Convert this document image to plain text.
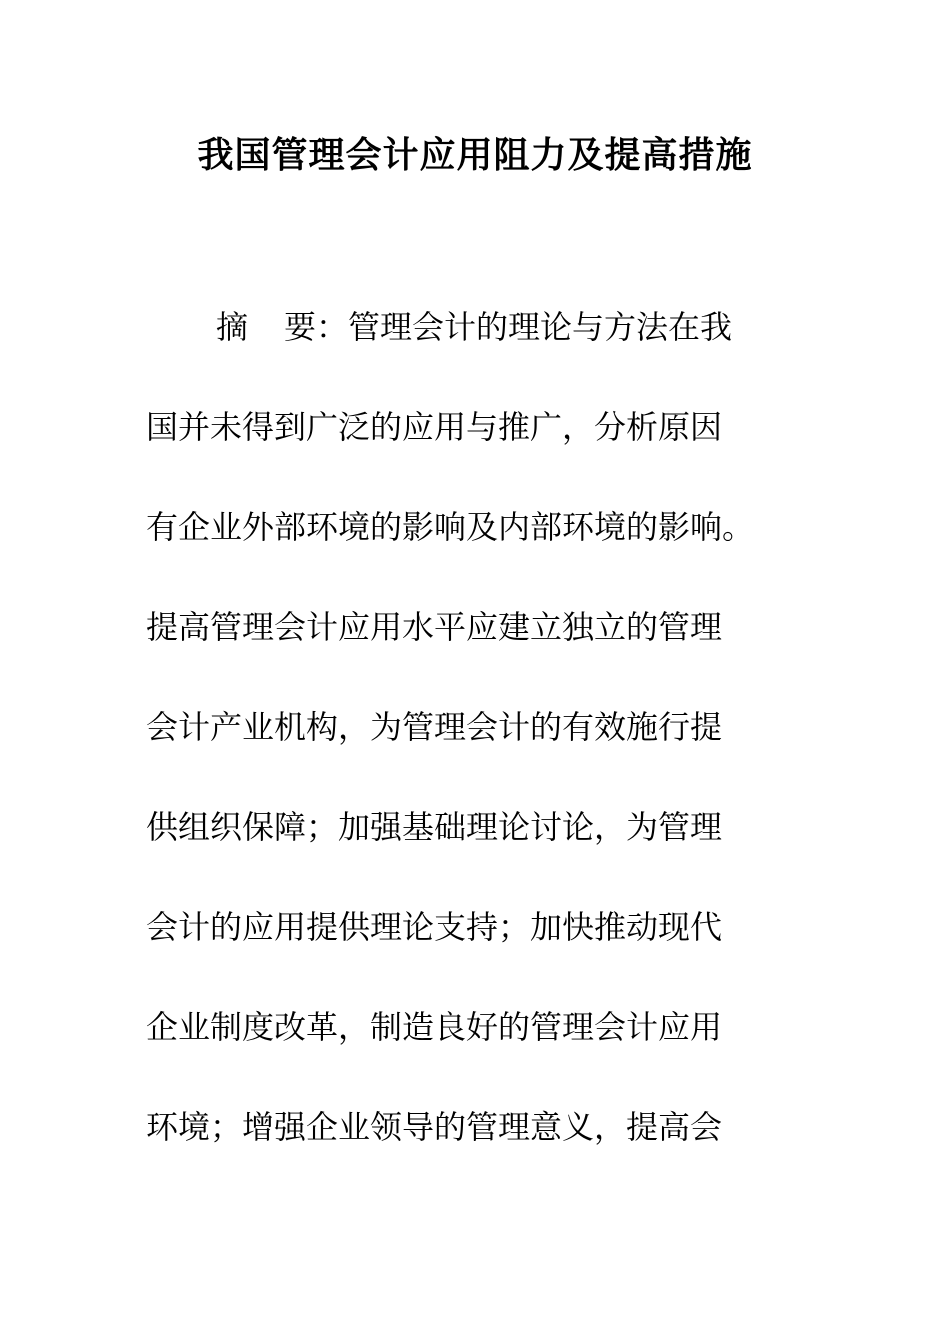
我国管理会计应用阻力及提高措施
摘 要：管理会计的理论与方法在我
国并未得到广泛的应用与推广，分析原因
有企业外部环境的影响及内部环境的影响。
提高管理会计应用水平应建立独立的管理
会计产业机构，为管理会计的有效施行提
供组织保障；加强基础理论讨论，为管理
会计的应用提供理论支持；加快推动现代
企业制度改革，制造良好的管理会计应用
环境；增强企业领导的管理意义，提高会
